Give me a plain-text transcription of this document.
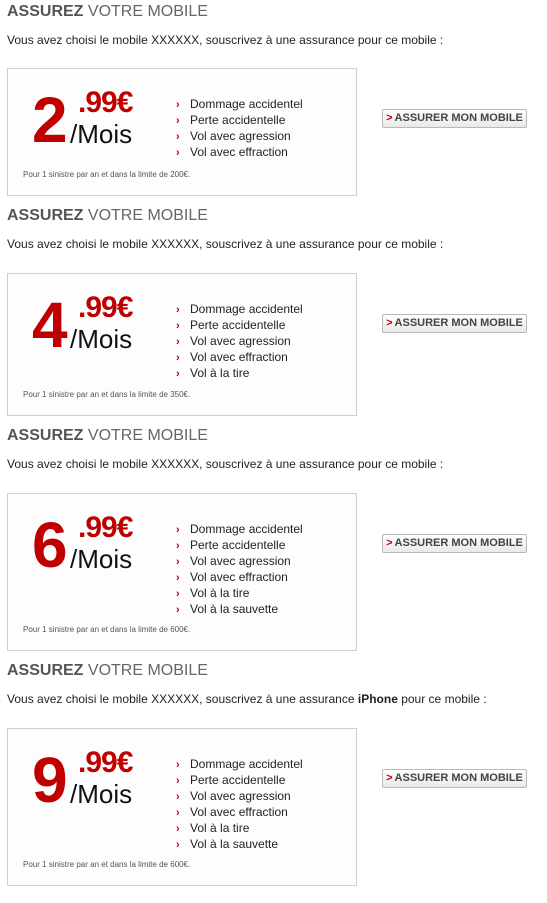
ASSUREZ VOTRE MOBILE
Vous avez choisi le mobile XXXXXX, souscrivez à une assurance pour ce mobile :
2 .99€
/Mois
› Dommage accidentel
› Perte accidentelle
› Vol avec agression
› Vol avec effraction
Pour 1 sinistre par an et dans la limite de 200€.
> ASSURER MON MOBILE
ASSUREZ VOTRE MOBILE
Vous avez choisi le mobile XXXXXX, souscrivez à une assurance pour ce mobile :
4 .99€
/Mois
› Dommage accidentel
› Perte accidentelle
› Vol avec agression
› Vol avec effraction
› Vol à la tire
Pour 1 sinistre par an et dans la limite de 350€.
> ASSURER MON MOBILE
ASSUREZ VOTRE MOBILE
Vous avez choisi le mobile XXXXXX, souscrivez à une assurance pour ce mobile :
6 .99€
/Mois
› Dommage accidentel
› Perte accidentelle
› Vol avec agression
› Vol avec effraction
› Vol à la tire
› Vol à la sauvette
Pour 1 sinistre par an et dans la limite de 600€.
> ASSURER MON MOBILE
ASSUREZ VOTRE MOBILE
Vous avez choisi le mobile XXXXXX, souscrivez à une assurance iPhone pour ce mobile :
9 .99€
/Mois
› Dommage accidentel
› Perte accidentelle
› Vol avec agression
› Vol avec effraction
› Vol à la tire
› Vol à la sauvette
Pour 1 sinistre par an et dans la limite de 600€.
> ASSURER MON MOBILE
